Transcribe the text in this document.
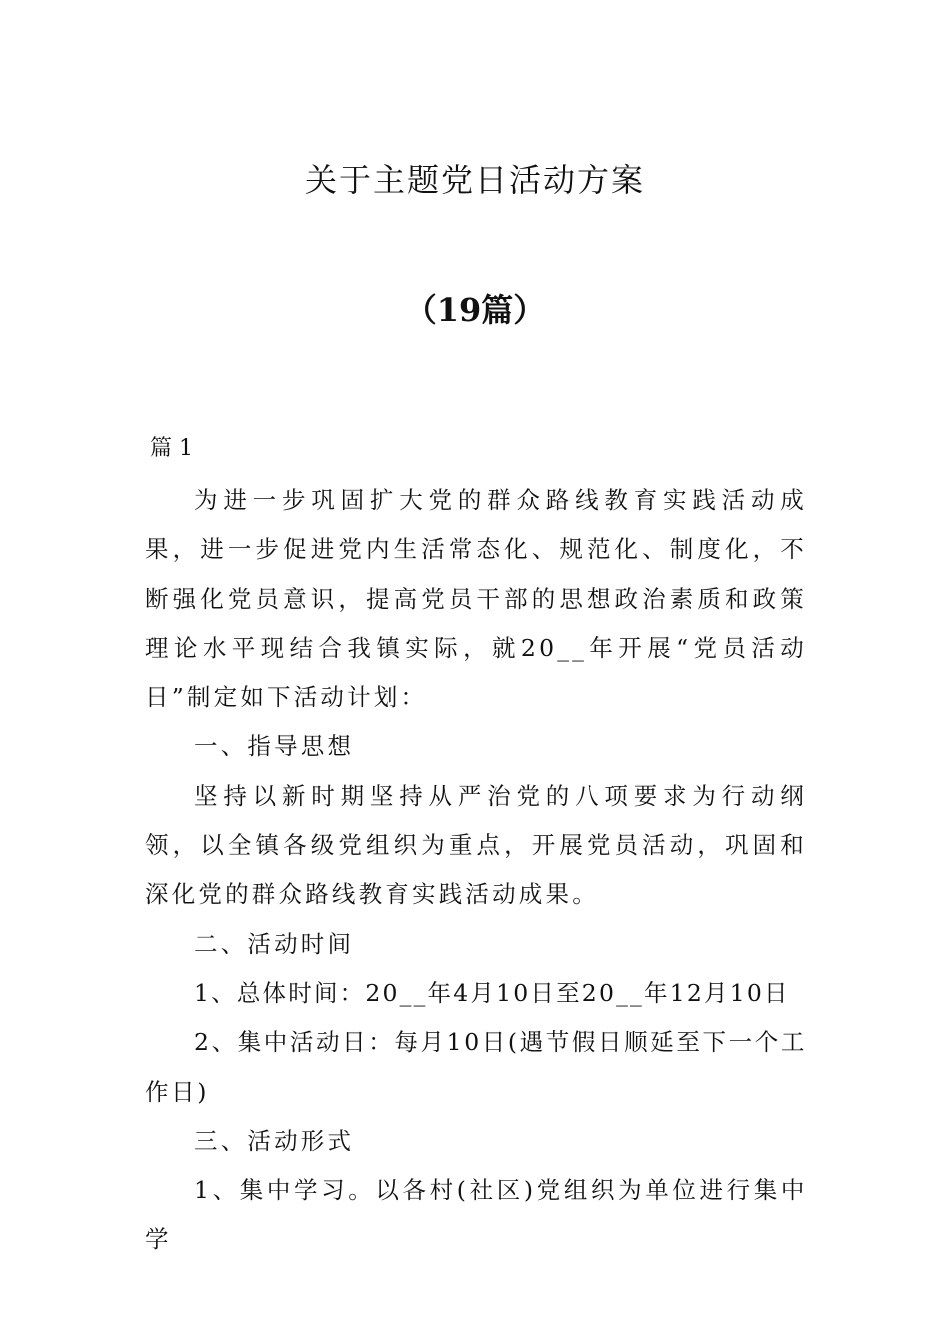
关于主题党日活动方案
（19篇）
篇 1

为进一步巩固扩大党的群众路线教育实践活动成果，进一步促进党内生活常态化、规范化、制度化，不断强化党员意识，提高党员干部的思想政治素质和政策理论水平现结合我镇实际，就20__年开展“党员活动日”制定如下活动计划：

一、指导思想

坚持以新时期坚持从严治党的八项要求为行动纲领，以全镇各级党组织为重点，开展党员活动，巩固和深化党的群众路线教育实践活动成果。

二、活动时间

1、总体时间：20__年4月10日至20__年12月10日

2、集中活动日：每月10日(遇节假日顺延至下一个工作日)

三、活动形式

1、集中学习。以各村(社区)党组织为单位进行集中学
